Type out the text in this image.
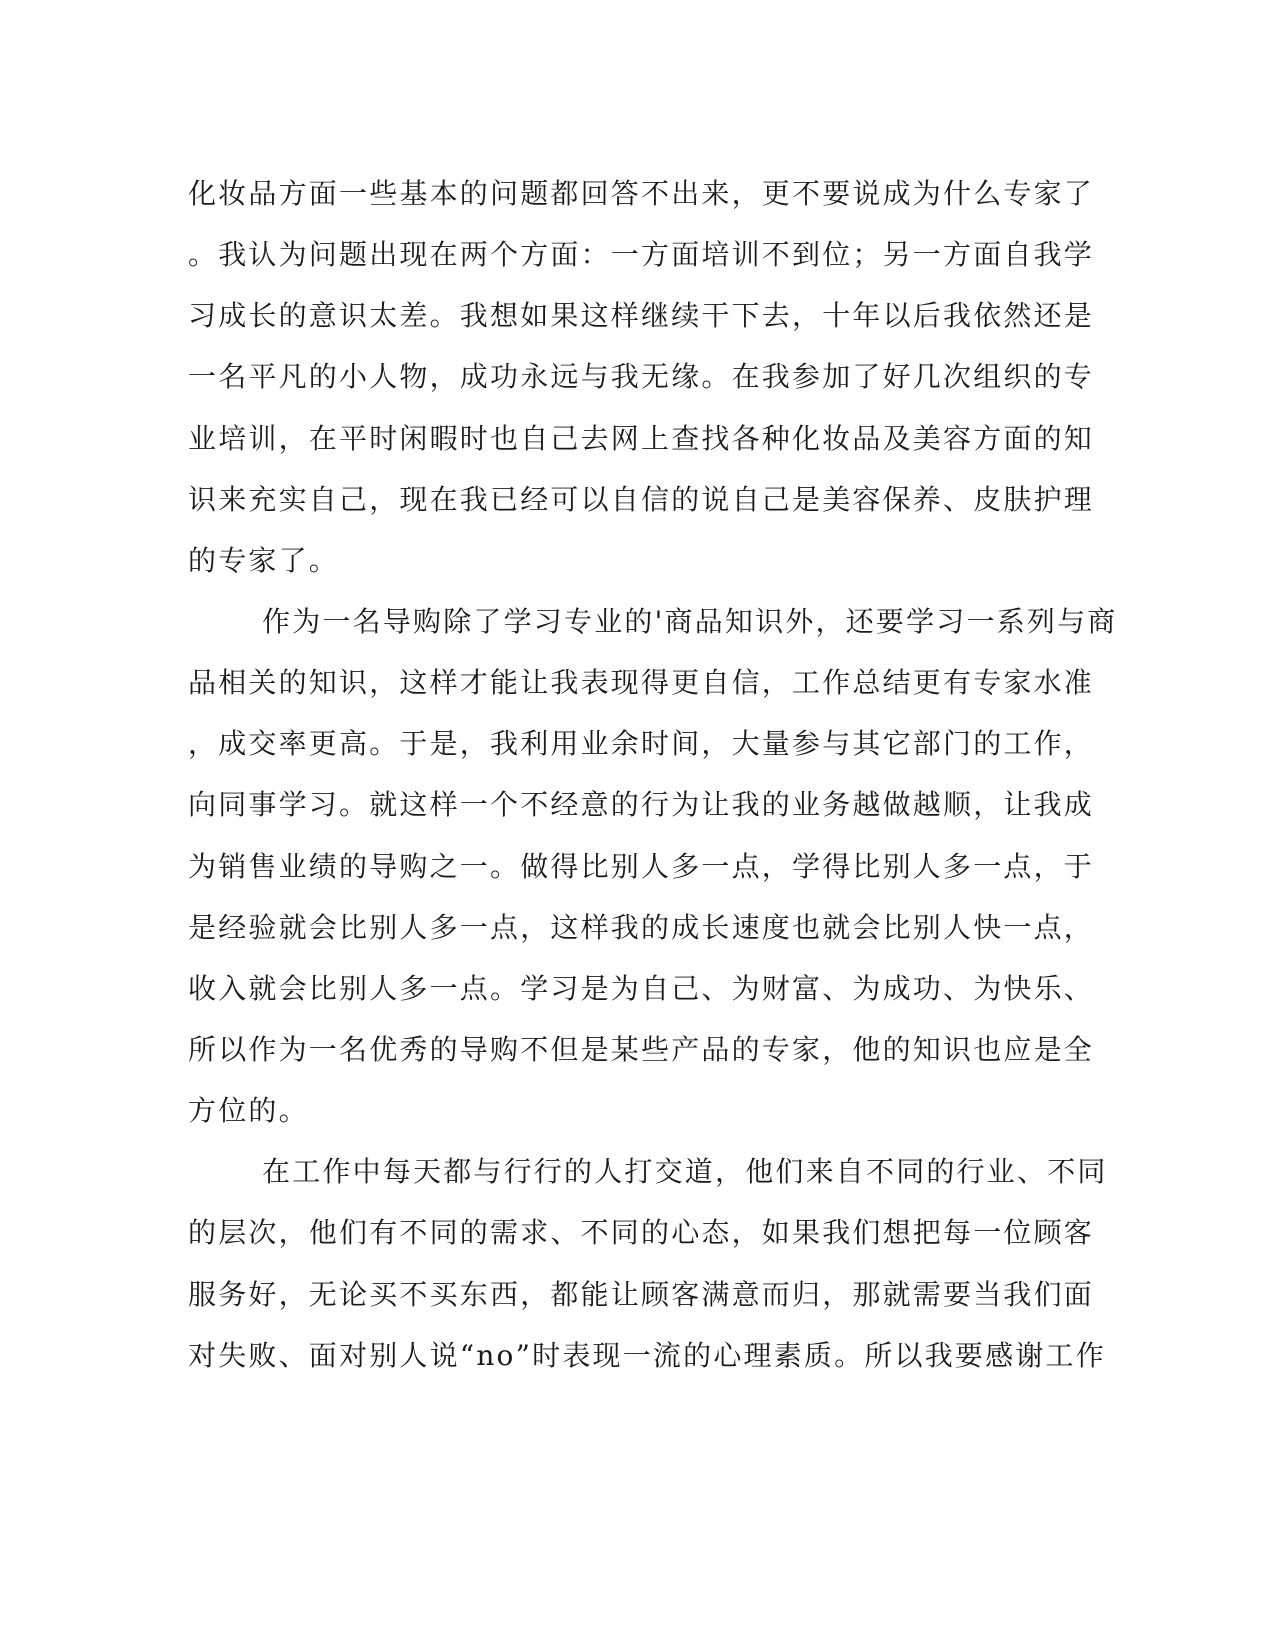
化妆品方面一些基本的问题都回答不出来，更不要说成为什么专家了
。我认为问题出现在两个方面：一方面培训不到位；另一方面自我学
习成长的意识太差。我想如果这样继续干下去，十年以后我依然还是
一名平凡的小人物，成功永远与我无缘。在我参加了好几次组织的专
业培训，在平时闲暇时也自己去网上查找各种化妆品及美容方面的知
识来充实自己，现在我已经可以自信的说自己是美容保养、皮肤护理
的专家了。
作为一名导购除了学习专业的'商品知识外，还要学习一系列与商
品相关的知识，这样才能让我表现得更自信，工作总结更有专家水准
，成交率更高。于是，我利用业余时间，大量参与其它部门的工作，
向同事学习。就这样一个不经意的行为让我的业务越做越顺，让我成
为销售业绩的导购之一。做得比别人多一点，学得比别人多一点，于
是经验就会比别人多一点，这样我的成长速度也就会比别人快一点，
收入就会比别人多一点。学习是为自己、为财富、为成功、为快乐、
所以作为一名优秀的导购不但是某些产品的专家，他的知识也应是全
方位的。
在工作中每天都与行行的人打交道，他们来自不同的行业、不同
的层次，他们有不同的需求、不同的心态，如果我们想把每一位顾客
服务好，无论买不买东西，都能让顾客满意而归，那就需要当我们面
对失败、面对别人说“no”时表现一流的心理素质。所以我要感谢工作
